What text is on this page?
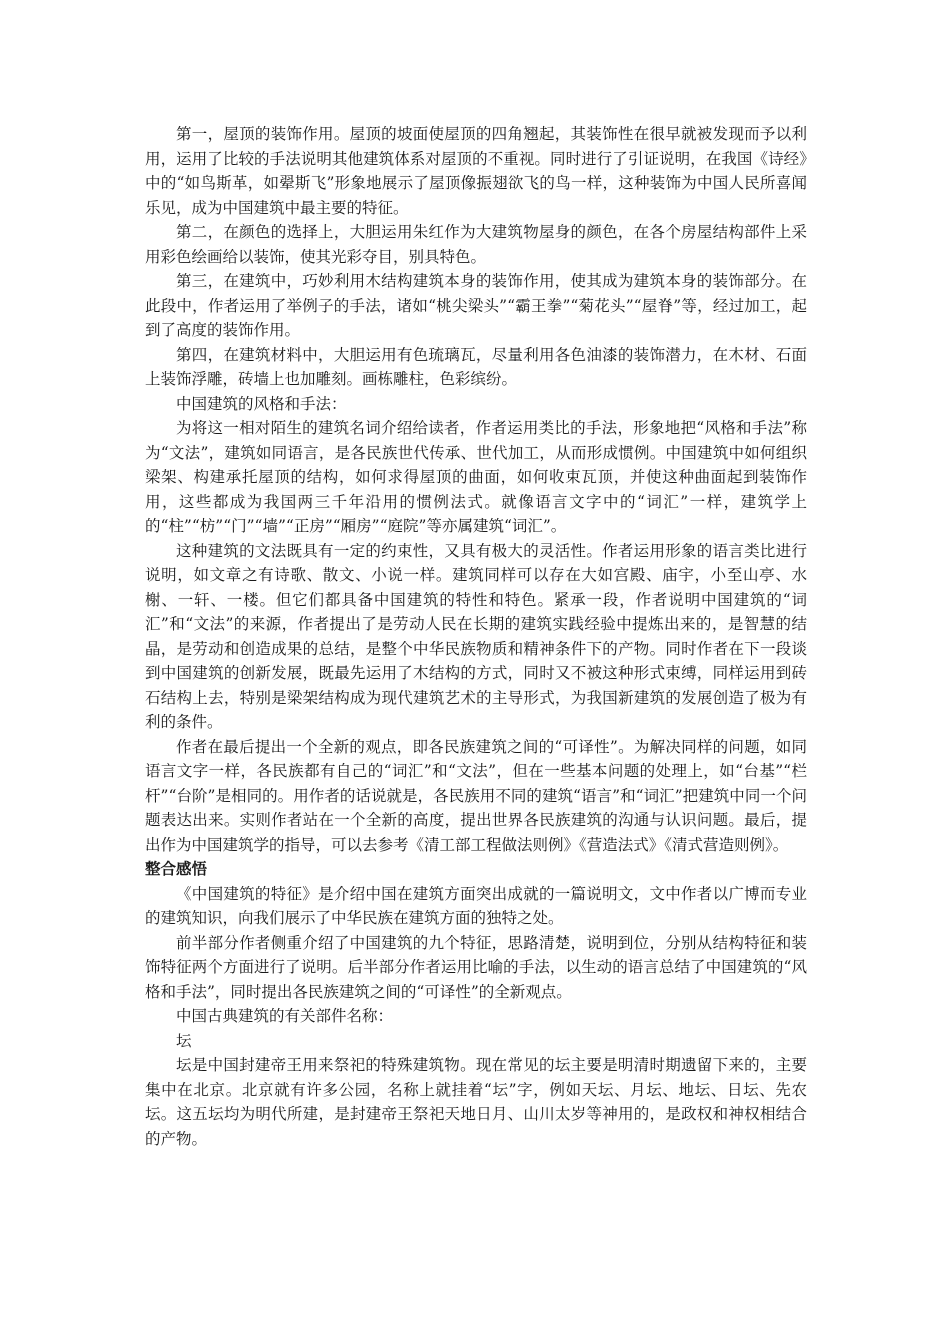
第一，屋顶的装饰作用。屋顶的坡面使屋顶的四角翘起，其装饰性在很早就被发现而予以利用，运用了比较的手法说明其他建筑体系对屋顶的不重视。同时进行了引证说明，在我国《诗经》中的“如鸟斯革，如翚斯飞”形象地展示了屋顶像振翅欲飞的鸟一样，这种装饰为中国人民所喜闻乐见，成为中国建筑中最主要的特征。

第二，在颜色的选择上，大胆运用朱红作为大建筑物屋身的颜色，在各个房屋结构部件上采用彩色绘画给以装饰，使其光彩夺目，别具特色。

第三，在建筑中，巧妙利用木结构建筑本身的装饰作用，使其成为建筑本身的装饰部分。在此段中，作者运用了举例子的手法，诸如“桃尖梁头”“霸王拳”“菊花头”“屋脊”等，经过加工，起到了高度的装饰作用。

第四，在建筑材料中，大胆运用有色琉璃瓦，尽量利用各色油漆的装饰潜力，在木材、石面上装饰浮雕，砖墙上也加雕刻。画栋雕柱，色彩缤纷。

中国建筑的风格和手法：

为将这一相对陌生的建筑名词介绍给读者，作者运用类比的手法，形象地把“风格和手法”称为“文法”，建筑如同语言，是各民族世代传承、世代加工，从而形成惯例。中国建筑中如何组织梁架、构建承托屋顶的结构，如何求得屋顶的曲面，如何收束瓦顶，并使这种曲面起到装饰作用，这些都成为我国两三千年沿用的惯例法式。就像语言文字中的“词汇”一样，建筑学上的“柱”“枋”“门”“墙”“正房”“厢房”“庭院”等亦属建筑“词汇”。

这种建筑的文法既具有一定的约束性，又具有极大的灵活性。作者运用形象的语言类比进行说明，如文章之有诗歌、散文、小说一样。建筑同样可以存在大如宫殿、庙宇，小至山亭、水榭、一轩、一楼。但它们都具备中国建筑的特性和特色。紧承一段，作者说明中国建筑的“词汇”和“文法”的来源，作者提出了是劳动人民在长期的建筑实践经验中提炼出来的，是智慧的结晶，是劳动和创造成果的总结，是整个中华民族物质和精神条件下的产物。同时作者在下一段谈到中国建筑的创新发展，既最先运用了木结构的方式，同时又不被这种形式束缚，同样运用到砖石结构上去，特别是梁架结构成为现代建筑艺术的主导形式，为我国新建筑的发展创造了极为有利的条件。

作者在最后提出一个全新的观点，即各民族建筑之间的“可译性”。为解决同样的问题，如同语言文字一样，各民族都有自己的“词汇”和“文法”，但在一些基本问题的处理上，如“台基”“栏杆”“台阶”是相同的。用作者的话说就是，各民族用不同的建筑“语言”和“词汇”把建筑中同一个问题表达出来。实则作者站在一个全新的高度，提出世界各民族建筑的沟通与认识问题。最后，提出作为中国建筑学的指导，可以去参考《清工部工程做法则例》《营造法式》《清式营造则例》。

整合感悟

《中国建筑的特征》是介绍中国在建筑方面突出成就的一篇说明文，文中作者以广博而专业的建筑知识，向我们展示了中华民族在建筑方面的独特之处。

前半部分作者侧重介绍了中国建筑的九个特征，思路清楚，说明到位，分别从结构特征和装饰特征两个方面进行了说明。后半部分作者运用比喻的手法，以生动的语言总结了中国建筑的“风格和手法”，同时提出各民族建筑之间的“可译性”的全新观点。

中国古典建筑的有关部件名称：

坛

坛是中国封建帝王用来祭祀的特殊建筑物。现在常见的坛主要是明清时期遗留下来的，主要集中在北京。北京就有许多公园，名称上就挂着“坛”字，例如天坛、月坛、地坛、日坛、先农坛。这五坛均为明代所建，是封建帝王祭祀天地日月、山川太岁等神用的，是政权和神权相结合的产物。
